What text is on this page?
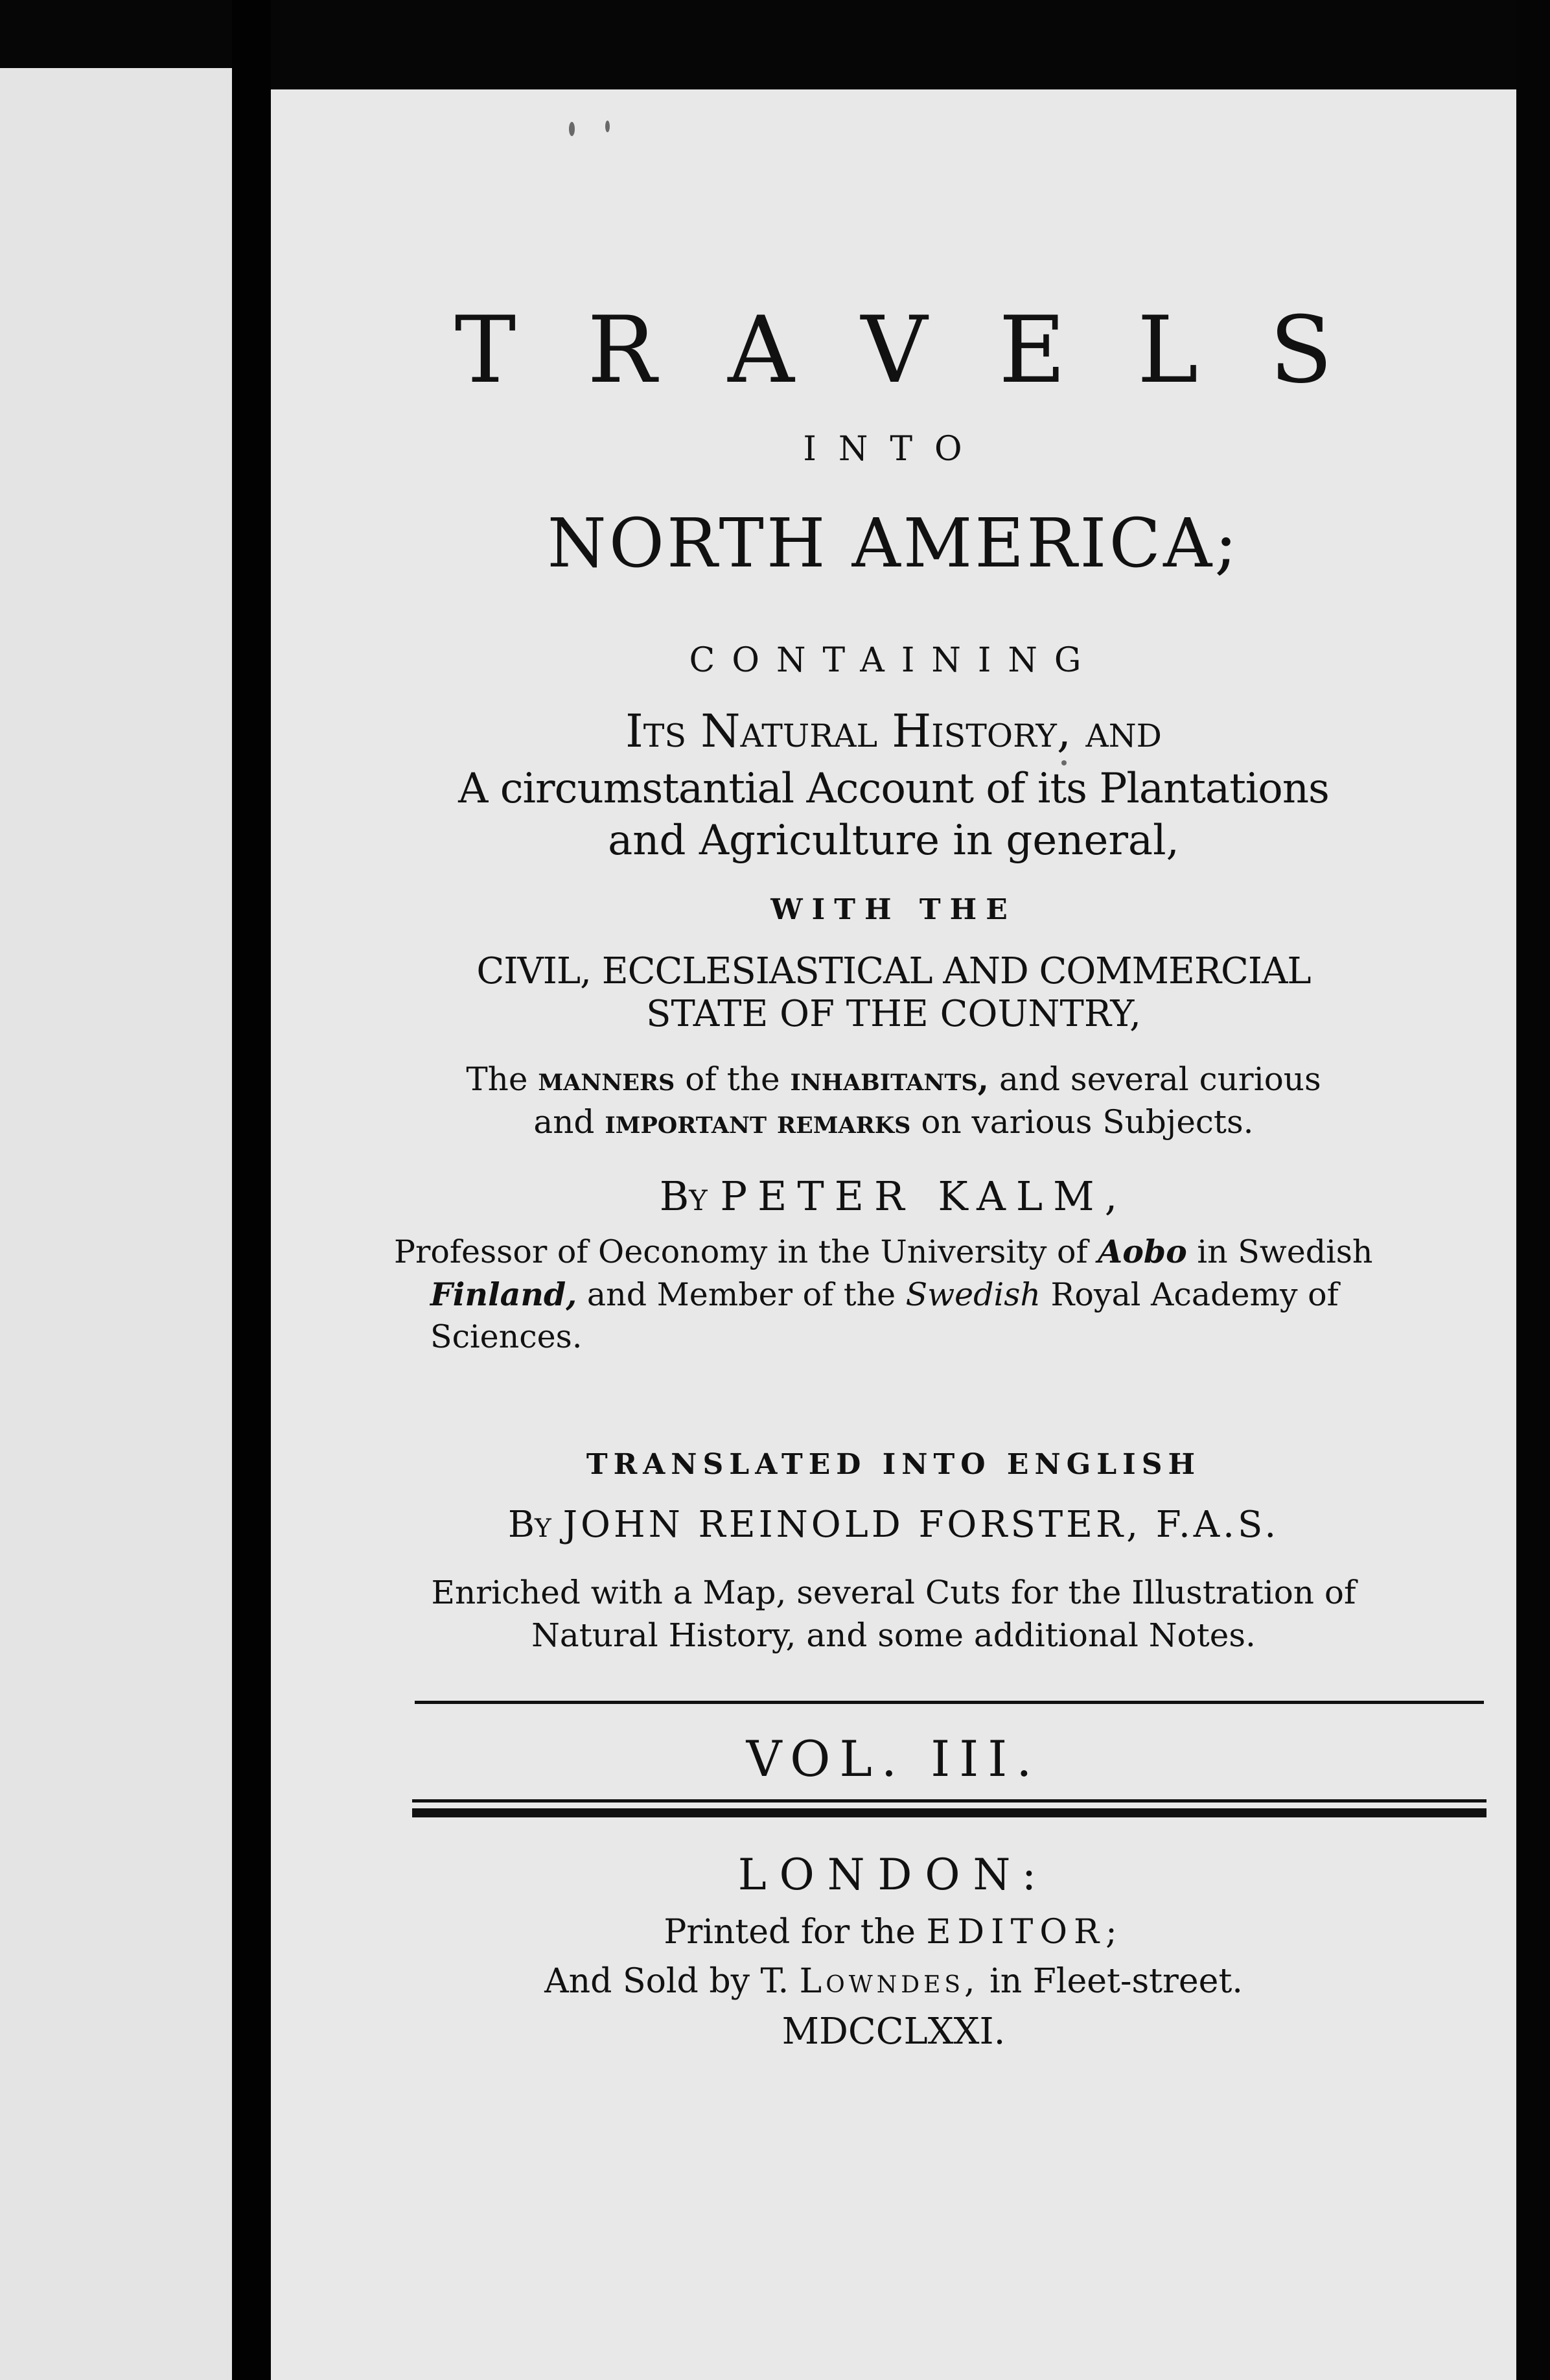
TRAVELS

INTO

NORTH AMERICA;

CONTAINING

Its Natural History, and

A circumstantial Account of its Plantations

and Agriculture in general,

WITH THE

CIVIL, ECCLESIASTICAL AND COMMERCIAL

STATE OF THE COUNTRY,

The manners of the inhabitants, and several curious

and important remarks on various Subjects.

By PETER KALM,

Professor of Oeconomy in the University of Aobo in Swedish

Finland, and Member of the Swedish Royal Academy of

Sciences.

TRANSLATED INTO ENGLISH

By JOHN REINOLD FORSTER, F.A.S.

Enriched with a Map, several Cuts for the Illustration of

Natural History, and some additional Notes.

VOL. III.

LONDON:

Printed for the EDITOR;

And Sold by T. Lowndes, in Fleet-street.

MDCCLXXI.
